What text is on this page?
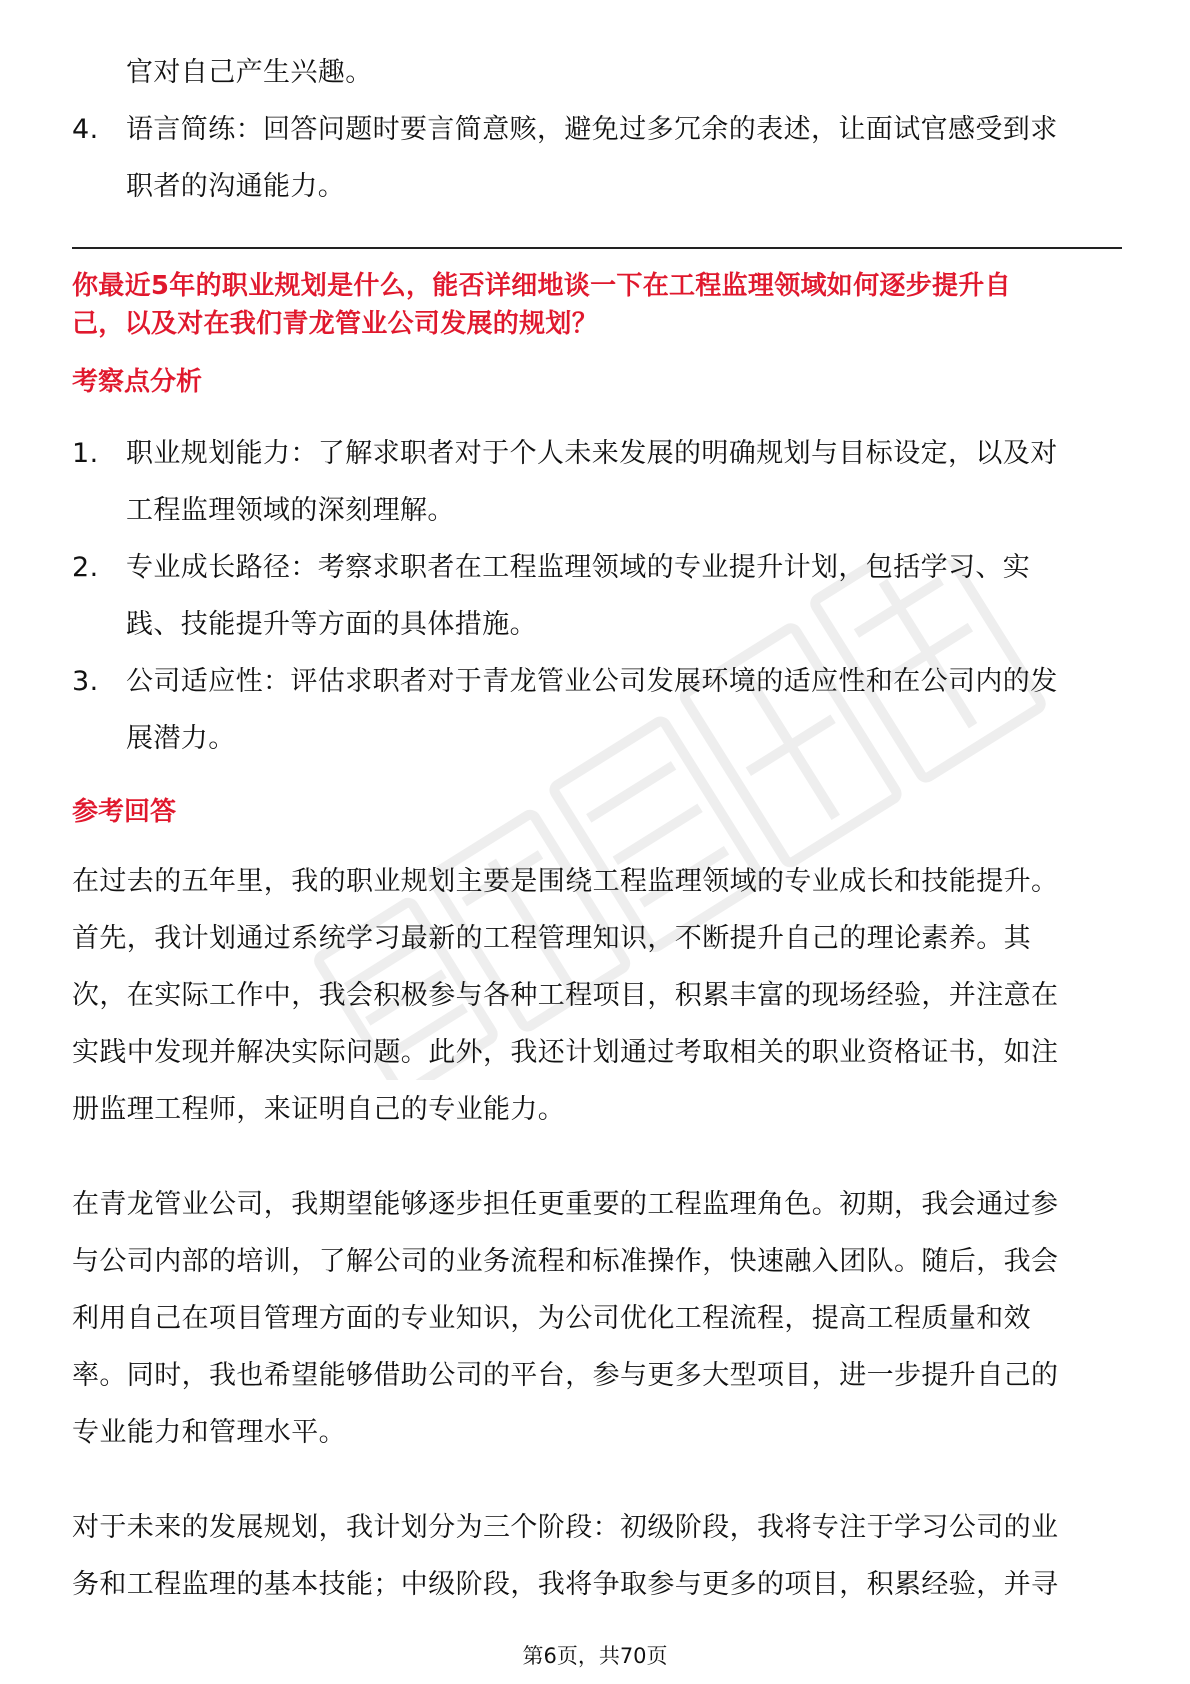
官对自己产生兴趣。
4. 语言简练：回答问题时要言简意赅，避免过多冗余的表述，让面试官感受到求
职者的沟通能力。
你最近5年的职业规划是什么，能否详细地谈一下在工程监理领域如何逐步提升自
己，以及对在我们青龙管业公司发展的规划？
考察点分析
1. 职业规划能力：了解求职者对于个人未来发展的明确规划与目标设定，以及对
工程监理领域的深刻理解。
2. 专业成长路径：考察求职者在工程监理领域的专业提升计划，包括学习、实
践、技能提升等方面的具体措施。
3. 公司适应性：评估求职者对于青龙管业公司发展环境的适应性和在公司内的发
展潜力。
参考回答
在过去的五年里，我的职业规划主要是围绕工程监理领域的专业成长和技能提升。
首先，我计划通过系统学习最新的工程管理知识，不断提升自己的理论素养。其
次，在实际工作中，我会积极参与各种工程项目，积累丰富的现场经验，并注意在
实践中发现并解决实际问题。此外，我还计划通过考取相关的职业资格证书，如注
册监理工程师，来证明自己的专业能力。
在青龙管业公司，我期望能够逐步担任更重要的工程监理角色。初期，我会通过参
与公司内部的培训，了解公司的业务流程和标准操作，快速融入团队。随后，我会
利用自己在项目管理方面的专业知识，为公司优化工程流程，提高工程质量和效
率。同时，我也希望能够借助公司的平台，参与更多大型项目，进一步提升自己的
专业能力和管理水平。
对于未来的发展规划，我计划分为三个阶段：初级阶段，我将专注于学习公司的业
务和工程监理的基本技能；中级阶段，我将争取参与更多的项目，积累经验，并寻
第6页，共70页
